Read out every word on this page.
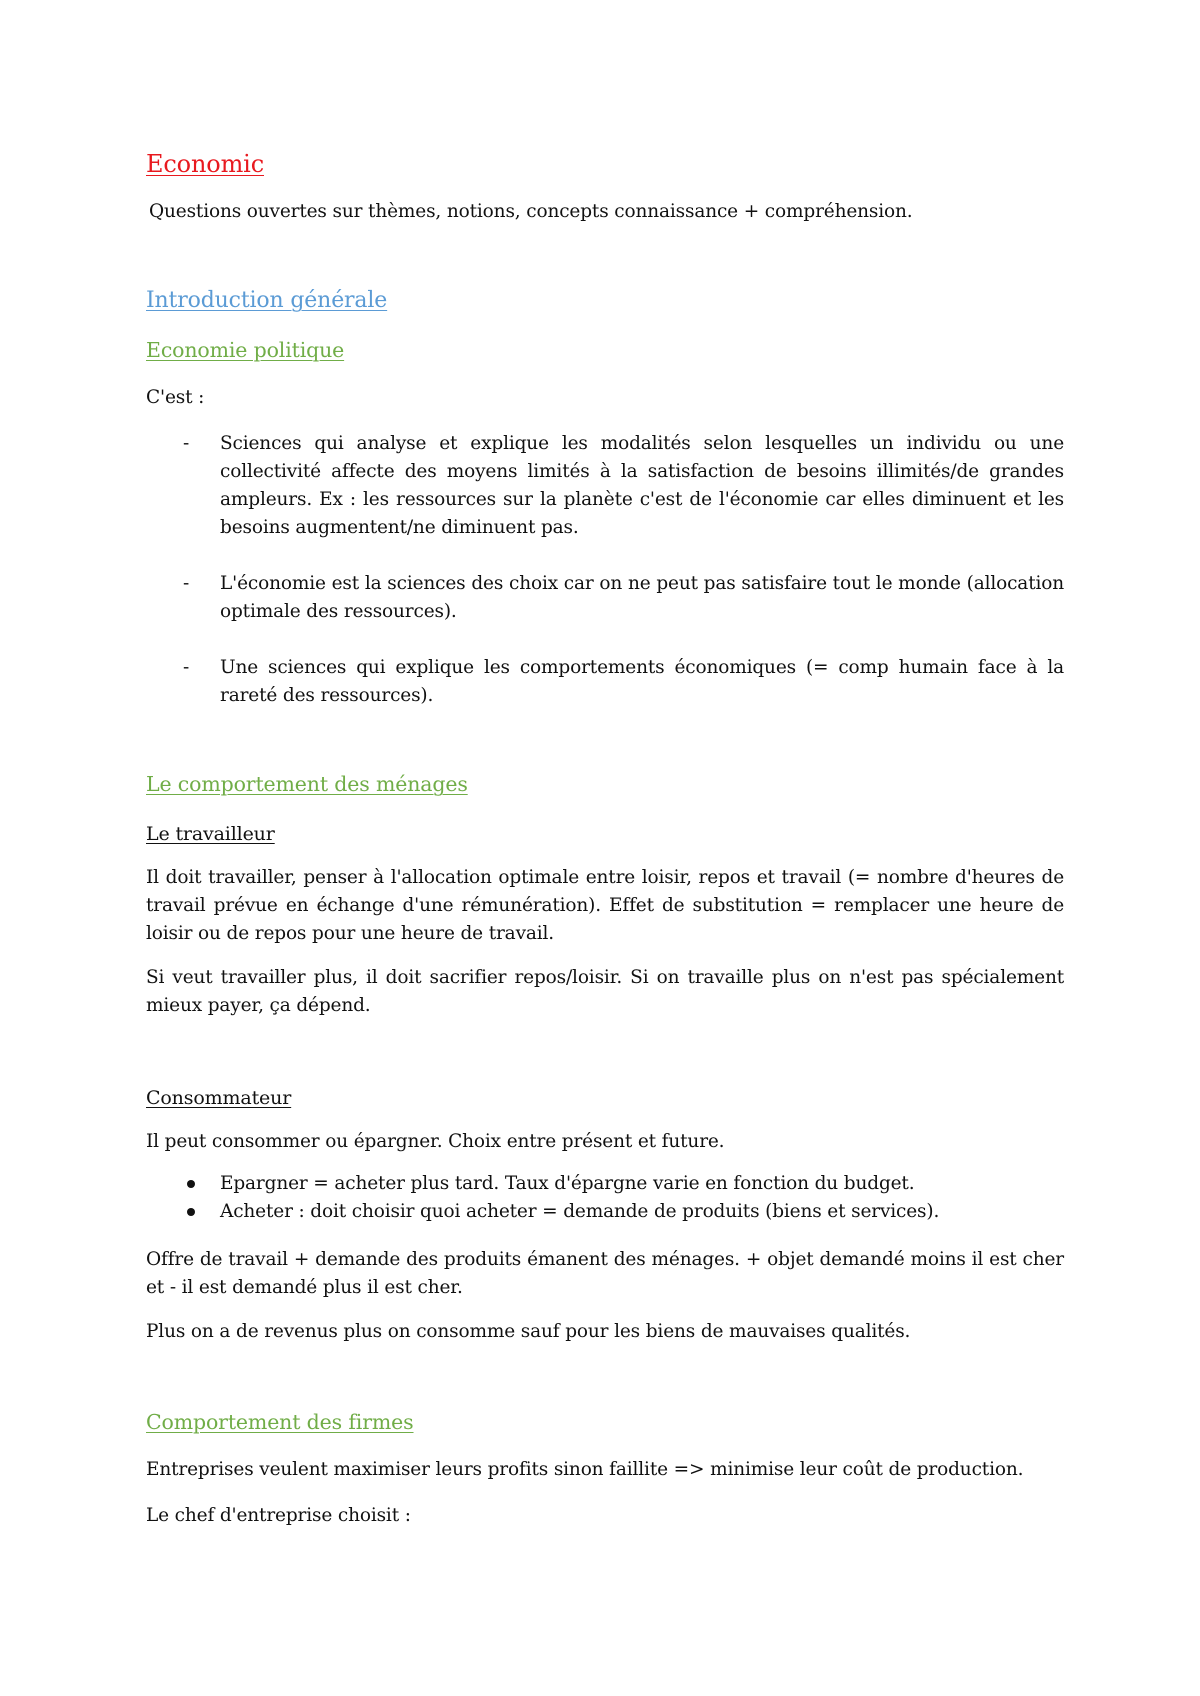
Economic

Questions ouvertes sur thèmes, notions, concepts connaissance + compréhension.

Introduction générale

Economie politique

C'est :

- Sciences qui analyse et explique les modalités selon lesquelles un individu ou une collectivité affecte des moyens limités à la satisfaction de besoins illimités/de grandes ampleurs. Ex : les ressources sur la planète c'est de l'économie car elles diminuent et les besoins augmentent/ne diminuent pas.

- L'économie est la sciences des choix car on ne peut pas satisfaire tout le monde (allocation optimale des ressources).

- Une sciences qui explique les comportements économiques (= comp humain face à la rareté des ressources).

Le comportement des ménages

Le travailleur

Il doit travailler, penser à l'allocation optimale entre loisir, repos et travail (= nombre d'heures de travail prévue en échange d'une rémunération). Effet de substitution = remplacer une heure de loisir ou de repos pour une heure de travail.

Si veut travailler plus, il doit sacrifier repos/loisir. Si on travaille plus on n'est pas spécialement mieux payer, ça dépend.

Consommateur

Il peut consommer ou épargner. Choix entre présent et future.

Epargner = acheter plus tard. Taux d'épargne varie en fonction du budget.

Acheter : doit choisir quoi acheter = demande de produits (biens et services).

Offre de travail + demande des produits émanent des ménages. + objet demandé moins il est cher et - il est demandé plus il est cher.

Plus on a de revenus plus on consomme sauf pour les biens de mauvaises qualités.

Comportement des firmes

Entreprises veulent maximiser leurs profits sinon faillite => minimise leur coût de production.

Le chef d'entreprise choisit :
